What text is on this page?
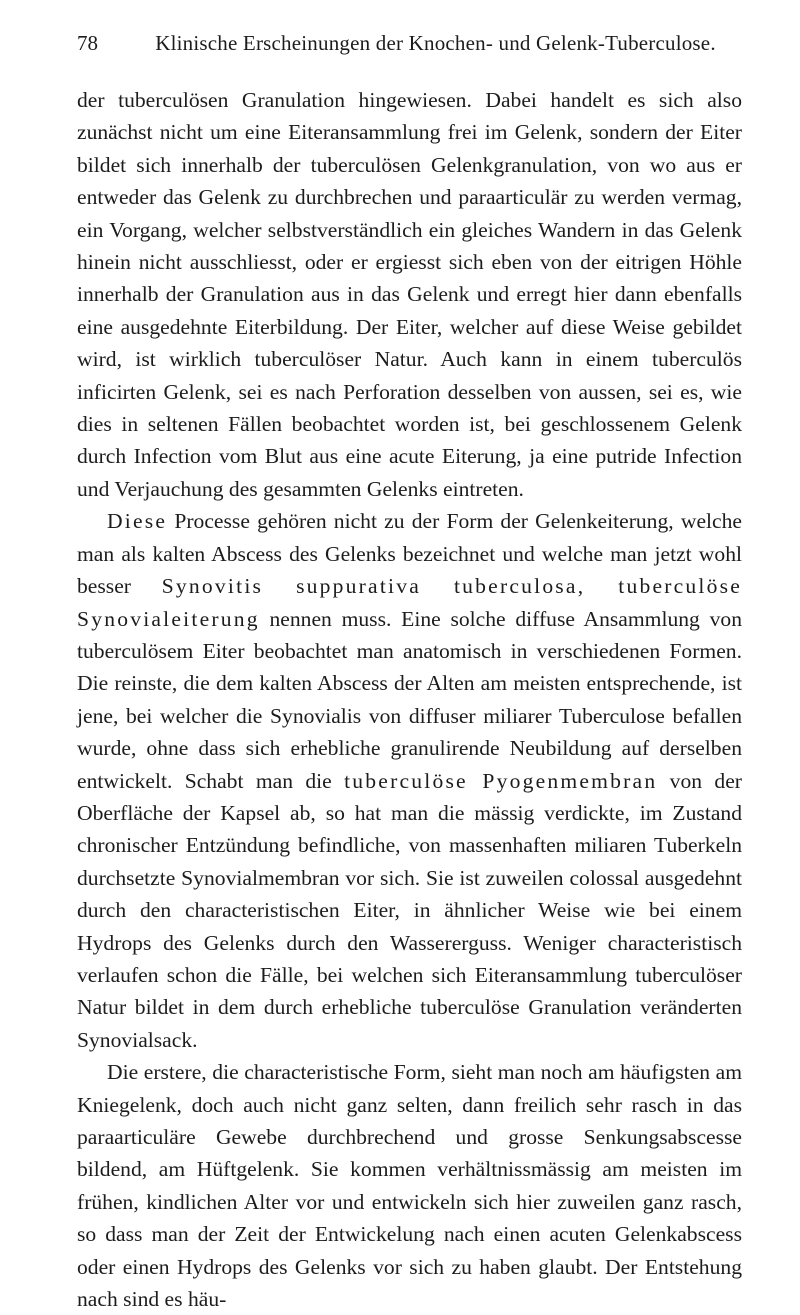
78	Klinische Erscheinungen der Knochen- und Gelenk-Tuberculose.

der tuberculösen Granulation hingewiesen. Dabei handelt es sich also zunächst nicht um eine Eiteransammlung frei im Gelenk, sondern der Eiter bildet sich innerhalb der tuberculösen Gelenkgranulation, von wo aus er entweder das Gelenk zu durchbrechen und paraarticulär zu werden vermag, ein Vorgang, welcher selbstverständlich ein gleiches Wandern in das Gelenk hinein nicht ausschliesst, oder er ergiesst sich eben von der eitrigen Höhle innerhalb der Granulation aus in das Gelenk und erregt hier dann ebenfalls eine ausgedehnte Eiterbildung. Der Eiter, welcher auf diese Weise gebildet wird, ist wirklich tuberculöser Natur. Auch kann in einem tuberculös inficirten Gelenk, sei es nach Perforation desselben von aussen, sei es, wie dies in seltenen Fällen beobachtet worden ist, bei geschlossenem Gelenk durch Infection vom Blut aus eine acute Eiterung, ja eine putride Infection und Verjauchung des gesammten Gelenks eintreten.

Diese Processe gehören nicht zu der Form der Gelenkeiterung, welche man als kalten Abscess des Gelenks bezeichnet und welche man jetzt wohl besser Synovitis suppurativa tuberculosa, tuberculöse Synovialeiterung nennen muss. Eine solche diffuse Ansammlung von tuberculösem Eiter beobachtet man anatomisch in verschiedenen Formen. Die reinste, die dem kalten Abscess der Alten am meisten entsprechende, ist jene, bei welcher die Synovialis von diffuser miliarer Tuberculose befallen wurde, ohne dass sich erhebliche granulirende Neubildung auf derselben entwickelt. Schabt man die tuberculöse Pyogenmembran von der Oberfläche der Kapsel ab, so hat man die mässig verdickte, im Zustand chronischer Entzündung befindliche, von massenhaften miliaren Tuberkeln durchsetzte Synovialmembran vor sich. Sie ist zuweilen colossal ausgedehnt durch den characteristischen Eiter, in ähnlicher Weise wie bei einem Hydrops des Gelenks durch den Wassererguss. Weniger characteristisch verlaufen schon die Fälle, bei welchen sich Eiteransammlung tuberculöser Natur bildet in dem durch erhebliche tuberculöse Granulation veränderten Synovialsack.

Die erstere, die characteristische Form, sieht man noch am häufigsten am Kniegelenk, doch auch nicht ganz selten, dann freilich sehr rasch in das paraarticuläre Gewebe durchbrechend und grosse Senkungsabscesse bildend, am Hüftgelenk. Sie kommen verhältnissmässig am meisten im frühen, kindlichen Alter vor und entwickeln sich hier zuweilen ganz rasch, so dass man der Zeit der Entwickelung nach einen acuten Gelenkabscess oder einen Hydrops des Gelenks vor sich zu haben glaubt. Der Entstehung nach sind es häu-
